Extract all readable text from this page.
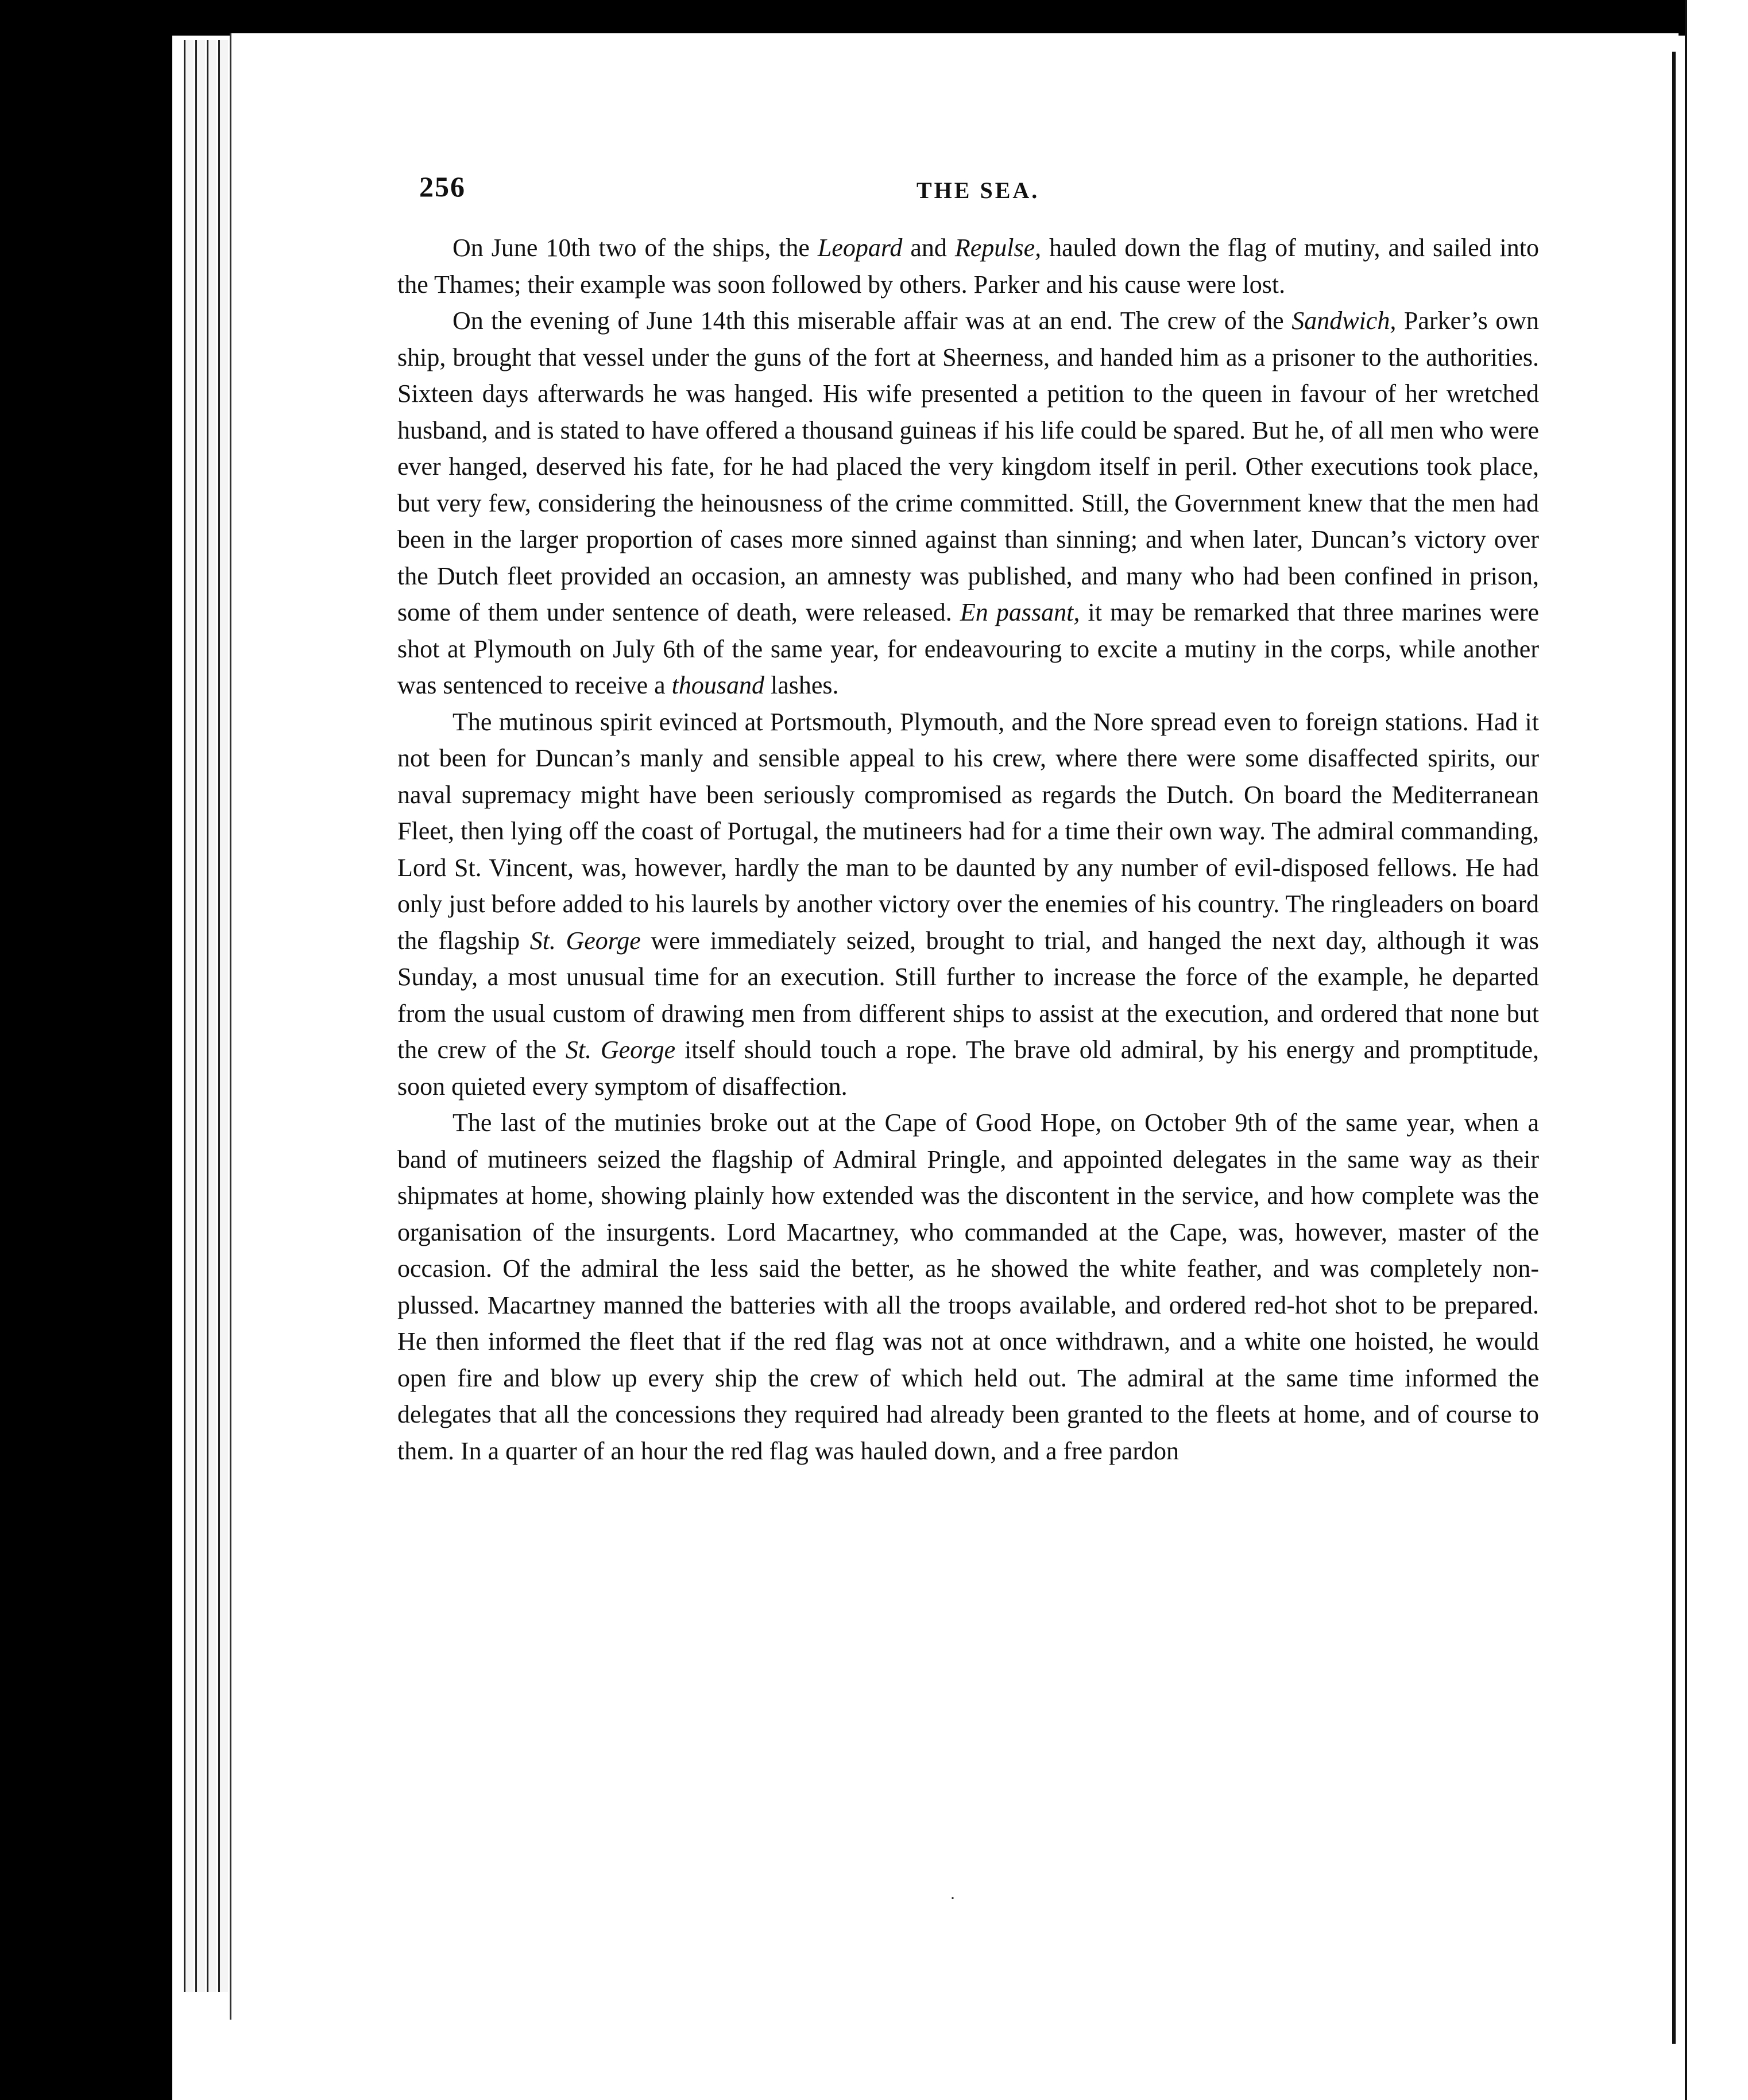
256	THE SEA.

On June 10th two of the ships, the Leopard and Repulse, hauled down the flag of mutiny, and sailed into the Thames; their example was soon followed by others. Parker and his cause were lost.

On the evening of June 14th this miserable affair was at an end. The crew of the Sandwich, Parker’s own ship, brought that vessel under the guns of the fort at Sheerness, and handed him as a prisoner to the authorities. Sixteen days afterwards he was hanged. His wife presented a petition to the queen in favour of her wretched husband, and is stated to have offered a thousand guineas if his life could be spared. But he, of all men who were ever hanged, deserved his fate, for he had placed the very kingdom itself in peril. Other executions took place, but very few, considering the heinousness of the crime committed. Still, the Government knew that the men had been in the larger proportion of cases more sinned against than sinning; and when later, Duncan’s victory over the Dutch fleet provided an occasion, an amnesty was published, and many who had been confined in prison, some of them under sentence of death, were released. En passant, it may be remarked that three marines were shot at Plymouth on July 6th of the same year, for endeavouring to excite a mutiny in the corps, while another was sentenced to receive a thousand lashes.

The mutinous spirit evinced at Portsmouth, Plymouth, and the Nore spread even to foreign stations. Had it not been for Duncan’s manly and sensible appeal to his crew, where there were some disaffected spirits, our naval supremacy might have been seriously compromised as regards the Dutch. On board the Mediterranean Fleet, then lying off the coast of Portugal, the mutineers had for a time their own way. The admiral commanding, Lord St. Vincent, was, however, hardly the man to be daunted by any number of evil-disposed fellows. He had only just before added to his laurels by another victory over the enemies of his country. The ringleaders on board the flagship St. George were immediately seized, brought to trial, and hanged the next day, although it was Sunday, a most unusual time for an execution. Still further to increase the force of the example, he departed from the usual custom of drawing men from different ships to assist at the execution, and ordered that none but the crew of the St. George itself should touch a rope. The brave old admiral, by his energy and promptitude, soon quieted every symptom of disaffection.

The last of the mutinies broke out at the Cape of Good Hope, on October 9th of the same year, when a band of mutineers seized the flagship of Admiral Pringle, and appointed delegates in the same way as their shipmates at home, showing plainly how extended was the discontent in the service, and how complete was the organisation of the insurgents. Lord Macartney, who commanded at the Cape, was, however, master of the occasion. Of the admiral the less said the better, as he showed the white feather, and was completely non-plussed. Macartney manned the batteries with all the troops available, and ordered red-hot shot to be prepared. He then informed the fleet that if the red flag was not at once withdrawn, and a white one hoisted, he would open fire and blow up every ship the crew of which held out. The admiral at the same time informed the delegates that all the concessions they required had already been granted to the fleets at home, and of course to them. In a quarter of an hour the red flag was hauled down, and a free pardon

·
